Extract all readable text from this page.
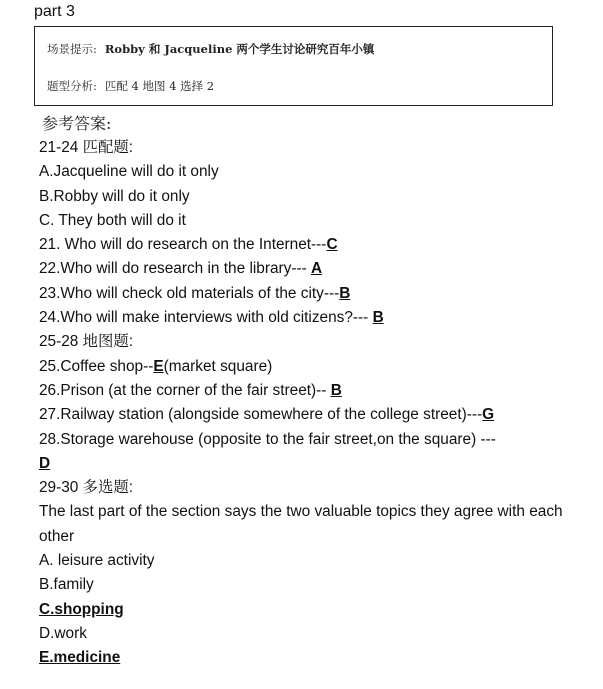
part 3
场景提示: Robby 和 Jacqueline 两个学生讨论研究百年小镇
题型分析: 匹配 4 地图 4 选择 2
参考答案:
21-24 匹配题:
A.Jacqueline will do it only
B.Robby will do it only
C. They both will do it
21. Who will do research on the Internet---C
22.Who will do research in the library--- A
23.Who will check old materials of the city---B
24.Who will make interviews with old citizens?--- B
25-28 地图题:
25.Coffee shop--E(market square)
26.Prison (at the corner of the fair street)-- B
27.Railway station (alongside somewhere of the college street)---G
28.Storage warehouse (opposite to the fair street,on the square) ---
D
29-30 多选题:
The last part of the section says the two valuable topics they agree with each other
A. leisure activity
B.family
C.shopping
D.work
E.medicine
